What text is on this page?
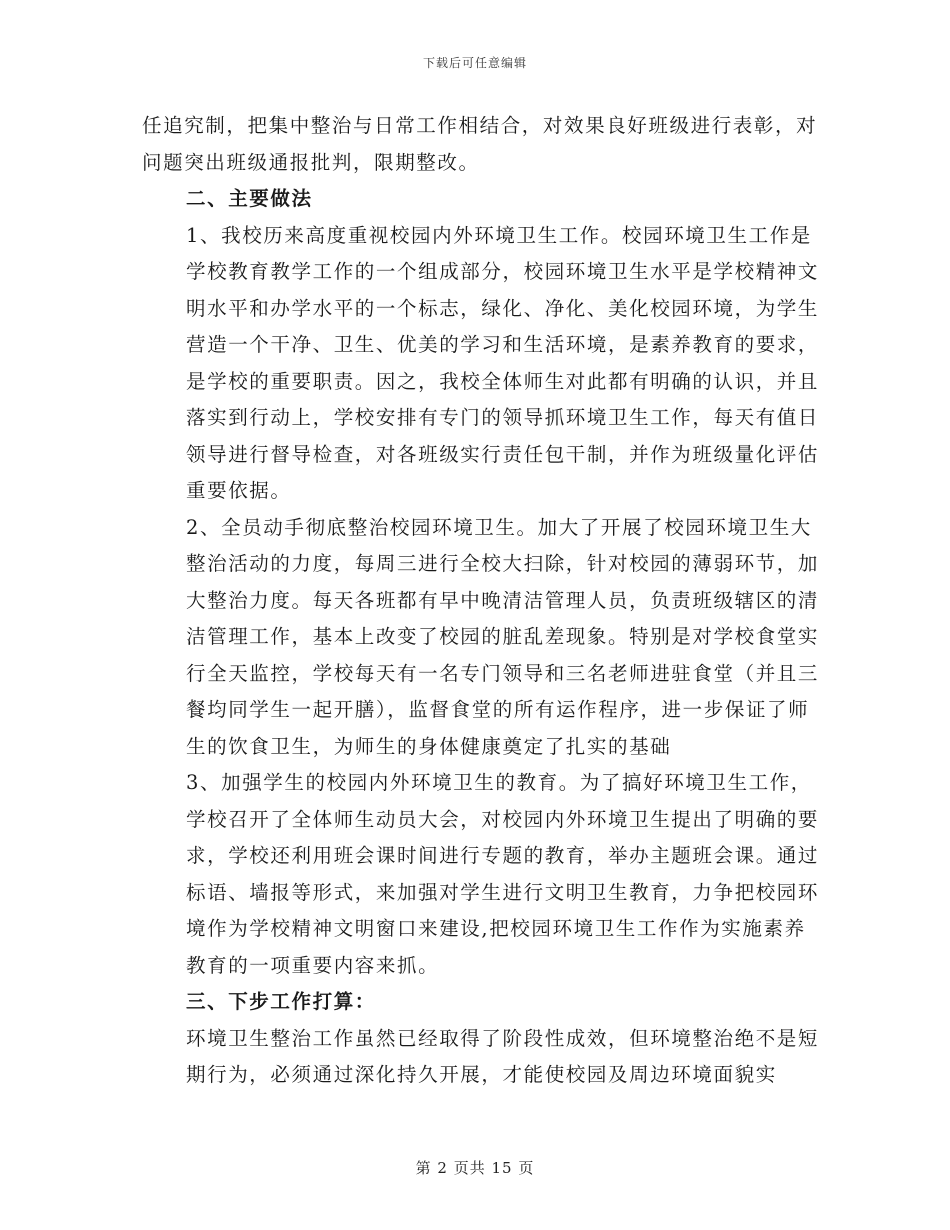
下载后可任意编辑

任追究制，把集中整治与日常工作相结合，对效果良好班级进行表彰，对问题突出班级通报批判，限期整改。

二、主要做法

1、我校历来高度重视校园内外环境卫生工作。校园环境卫生工作是学校教育教学工作的一个组成部分，校园环境卫生水平是学校精神文明水平和办学水平的一个标志，绿化、净化、美化校园环境，为学生营造一个干净、卫生、优美的学习和生活环境，是素养教育的要求，是学校的重要职责。因之，我校全体师生对此都有明确的认识，并且落实到行动上，学校安排有专门的领导抓环境卫生工作，每天有值日领导进行督导检查，对各班级实行责任包干制，并作为班级量化评估重要依据。

2、全员动手彻底整治校园环境卫生。加大了开展了校园环境卫生大整治活动的力度，每周三进行全校大扫除，针对校园的薄弱环节，加大整治力度。每天各班都有早中晚清洁管理人员，负责班级辖区的清洁管理工作，基本上改变了校园的脏乱差现象。特别是对学校食堂实行全天监控，学校每天有一名专门领导和三名老师进驻食堂（并且三餐均同学生一起开膳），监督食堂的所有运作程序，进一步保证了师生的饮食卫生，为师生的身体健康奠定了扎实的基础

3、加强学生的校园内外环境卫生的教育。为了搞好环境卫生工作，学校召开了全体师生动员大会，对校园内外环境卫生提出了明确的要求，学校还利用班会课时间进行专题的教育，举办主题班会课。通过标语、墙报等形式，来加强对学生进行文明卫生教育，力争把校园环境作为学校精神文明窗口来建设,把校园环境卫生工作作为实施素养教育的一项重要内容来抓。

三、下步工作打算：

环境卫生整治工作虽然已经取得了阶段性成效，但环境整治绝不是短期行为，必须通过深化持久开展，才能使校园及周边环境面貌实

第 2 页共 15 页
